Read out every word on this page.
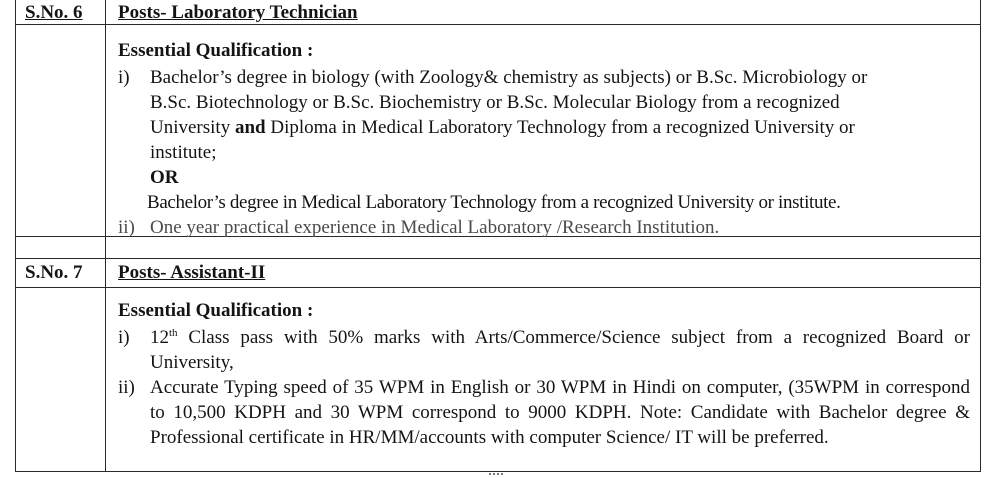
S.No. 6 Posts- Laboratory Technician
Essential Qualification :
i)	Bachelor’s degree in biology (with Zoology& chemistry as subjects) or B.Sc. Microbiology or
B.Sc. Biotechnology or B.Sc. Biochemistry or B.Sc. Molecular Biology from a recognized
University and Diploma in Medical Laboratory Technology from a recognized University or
institute;
OR
Bachelor’s degree in Medical Laboratory Technology from a recognized University or institute.
ii) One year practical experience in Medical Laboratory /Research Institution.
S.No. 7 Posts- Assistant-II
Essential Qualification :
i)	12th Class pass with 50% marks with Arts/Commerce/Science subject from a recognized Board or University,
ii) Accurate Typing speed of 35 WPM in English or 30 WPM in Hindi on computer, (35WPM in correspond to 10,500 KDPH and 30 WPM correspond to 9000 KDPH. Note: Candidate with Bachelor degree & Professional certificate in HR/MM/accounts with computer Science/ IT will be preferred.
